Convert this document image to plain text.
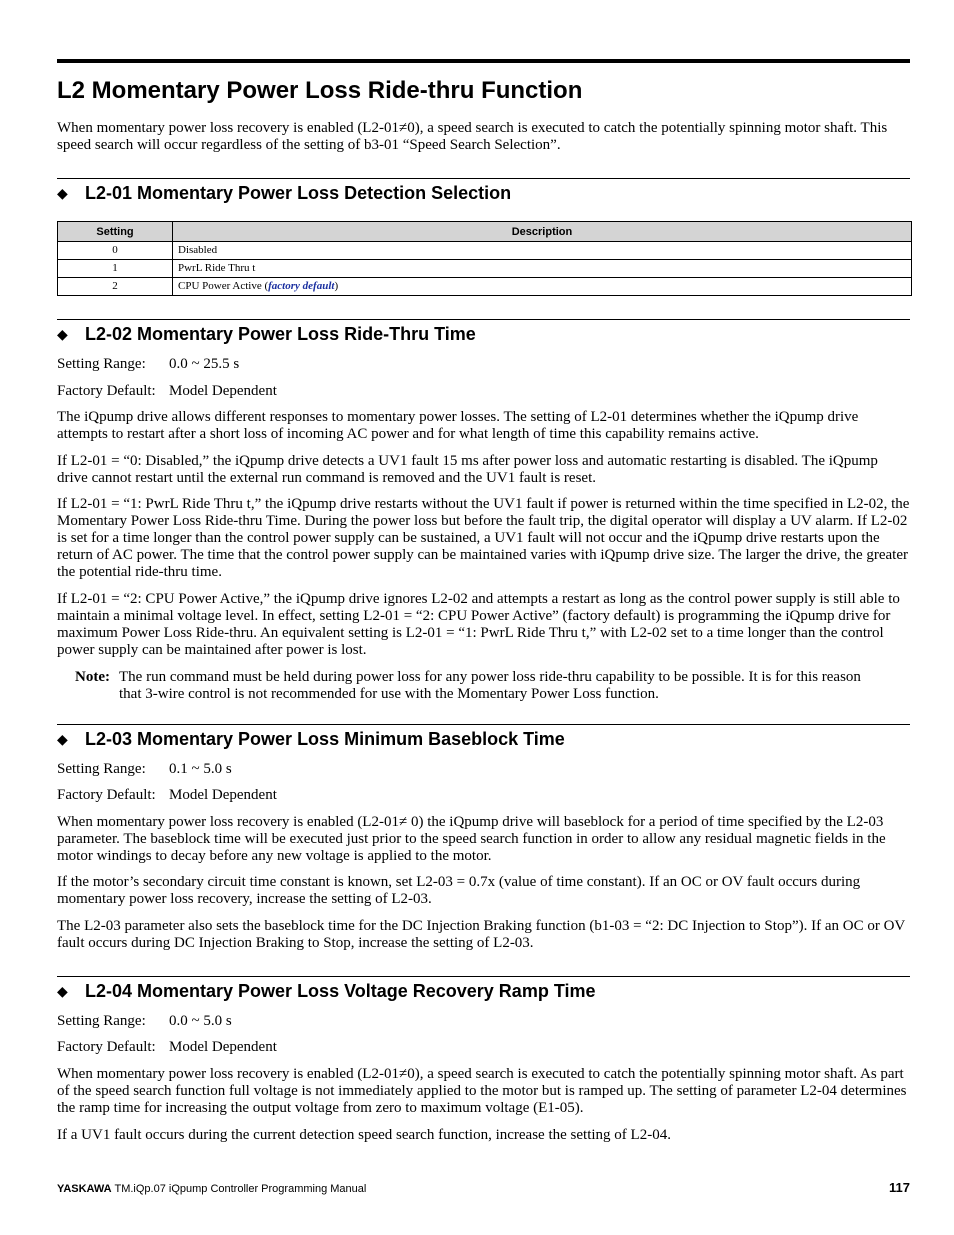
L2 Momentary Power Loss Ride-thru Function

When momentary power loss recovery is enabled (L2-01≠0), a speed search is executed to catch the potentially spinning motor shaft. This speed search will occur regardless of the setting of b3-01 “Speed Search Selection”.

◆ L2-01 Momentary Power Loss Detection Selection
Setting	Description
0	Disabled
1	PwrL Ride Thru t
2	CPU Power Active (factory default)
◆ L2-02 Momentary Power Loss Ride-Thru Time
Setting Range: 0.0 ~ 25.5 s
Factory Default: Model Dependent

The iQpump drive allows different responses to momentary power losses. The setting of L2-01 determines whether the iQpump drive attempts to restart after a short loss of incoming AC power and for what length of time this capability remains active.

If L2-01 = “0: Disabled,” the iQpump drive detects a UV1 fault 15 ms after power loss and automatic restarting is disabled. The iQpump drive cannot restart until the external run command is removed and the UV1 fault is reset.

If L2-01 = “1: PwrL Ride Thru t,” the iQpump drive restarts without the UV1 fault if power is returned within the time specified in L2-02, the Momentary Power Loss Ride-thru Time. During the power loss but before the fault trip, the digital operator will display a UV alarm. If L2-02 is set for a time longer than the control power supply can be sustained, a UV1 fault will not occur and the iQpump drive restarts upon the return of AC power. The time that the control power supply can be maintained varies with iQpump drive size. The larger the drive, the greater the potential ride-thru time.

If L2-01 = “2: CPU Power Active,” the iQpump drive ignores L2-02 and attempts a restart as long as the control power supply is still able to maintain a minimal voltage level. In effect, setting L2-01 = “2: CPU Power Active” (factory default) is programming the iQpump drive for maximum Power Loss Ride-thru. An equivalent setting is L2-01 = “1: PwrL Ride Thru t,” with L2-02 set to a time longer than the control power supply can be maintained after power is lost.

Note: The run command must be held during power loss for any power loss ride-thru capability to be possible. It is for this reason that 3-wire control is not recommended for use with the Momentary Power Loss function.
◆ L2-03 Momentary Power Loss Minimum Baseblock Time
Setting Range: 0.1 ~ 5.0 s
Factory Default: Model Dependent

When momentary power loss recovery is enabled (L2-01≠ 0) the iQpump drive will baseblock for a period of time specified by the L2-03 parameter. The baseblock time will be executed just prior to the speed search function in order to allow any residual magnetic fields in the motor windings to decay before any new voltage is applied to the motor.

If the motor’s secondary circuit time constant is known, set L2-03 = 0.7x (value of time constant). If an OC or OV fault occurs during momentary power loss recovery, increase the setting of L2-03.

The L2-03 parameter also sets the baseblock time for the DC Injection Braking function (b1-03 = “2: DC Injection to Stop”). If an OC or OV fault occurs during DC Injection Braking to Stop, increase the setting of L2-03.

◆ L2-04 Momentary Power Loss Voltage Recovery Ramp Time
Setting Range: 0.0 ~ 5.0 s
Factory Default: Model Dependent

When momentary power loss recovery is enabled (L2-01≠0), a speed search is executed to catch the potentially spinning motor shaft. As part of the speed search function full voltage is not immediately applied to the motor but is ramped up. The setting of parameter L2-04 determines the ramp time for increasing the output voltage from zero to maximum voltage (E1-05).

If a UV1 fault occurs during the current detection speed search function, increase the setting of L2-04.

YASKAWA TM.iQp.07 iQpump Controller Programming Manual	117
